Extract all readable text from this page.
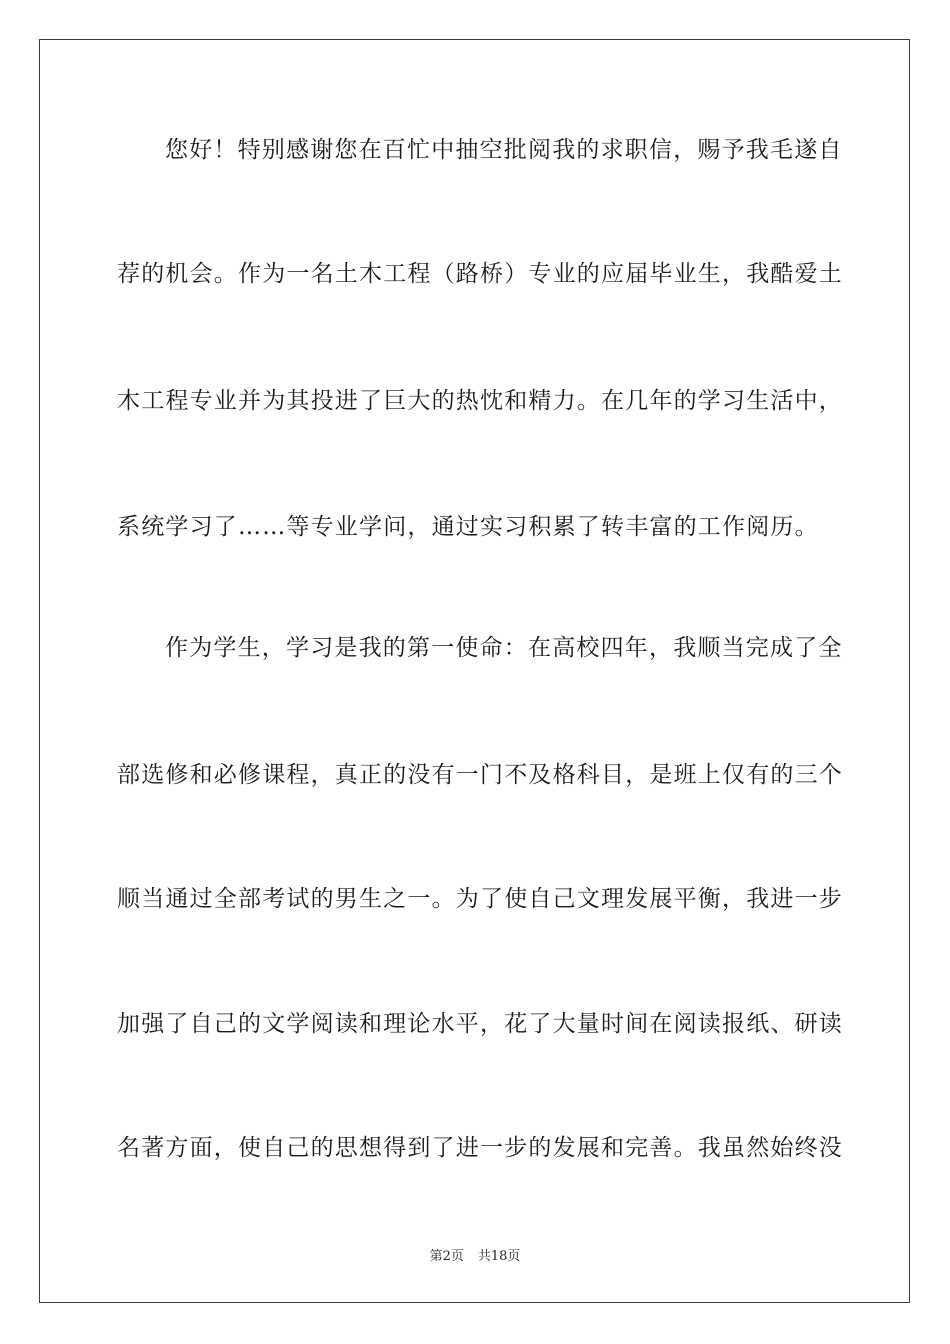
您好！特别感谢您在百忙中抽空批阅我的求职信，赐予我毛遂自

荐的机会。作为一名土木工程（路桥）专业的应届毕业生，我酷爱土

木工程专业并为其投进了巨大的热忱和精力。在几年的学习生活中，

系统学习了……等专业学问，通过实习积累了转丰富的工作阅历。

作为学生，学习是我的第一使命：在高校四年，我顺当完成了全

部选修和必修课程，真正的没有一门不及格科目，是班上仅有的三个

顺当通过全部考试的男生之一。为了使自己文理发展平衡，我进一步

加强了自己的文学阅读和理论水平，花了大量时间在阅读报纸、研读

名著方面，使自己的思想得到了进一步的发展和完善。我虽然始终没

第2页 共18页
